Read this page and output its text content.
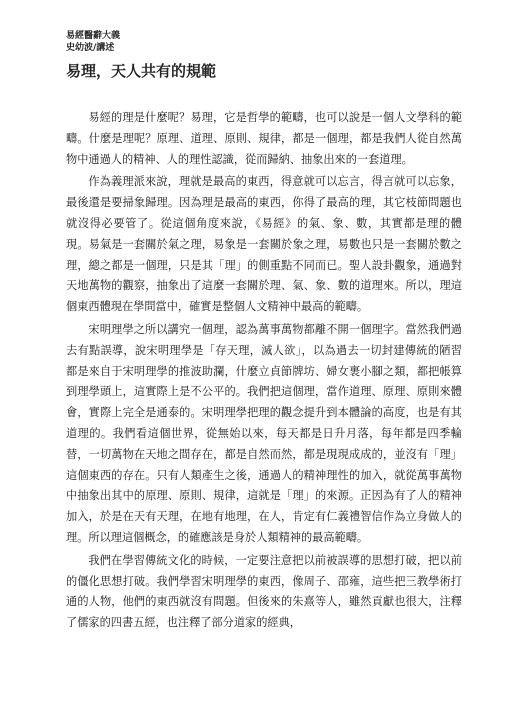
易經醫辭大義
史幼波/講述
易理，天人共有的規範

易經的理是什麼呢？易理，它是哲學的範疇，也可以說是一個人文學科的範疇。什麼是理呢？原理、道理、原則、規律，都是一個理，都是我們人從自然萬物中通過人的精神、人的理性認識，從而歸納、抽象出來的一套道理。

作為義理派來說，理就是最高的東西，得意就可以忘言，得言就可以忘象，最後還是要掃象歸理。因為理是最高的東西，你得了最高的理，其它枝節問題也就沒得必要管了。從這個角度來說，《易經》的氣、象、數，其實都是理的體現。易氣是一套關於氣之理，易象是一套關於象之理，易數也只是一套關於數之理，總之都是一個理，只是其「理」的側重點不同而已。聖人設卦觀象，通過對天地萬物的觀察，抽象出了這麼一套關於理、氣、象、數的道理來。所以，理這個東西體現在學問當中，確實是整個人文精神中最高的範疇。

宋明理學之所以講究一個理，認為萬事萬物都離不開一個理字。當然我們過去有點誤導，說宋明理學是「存天理，滅人欲」，以為過去一切封建傳統的陋習都是來自于宋明理學的推波助瀾，什麼立貞節牌坊、婦女裹小腳之類，都把帳算到理學頭上，這實際上是不公平的。我們把這個理，當作道理、原理、原則來體會，實際上完全是通泰的。宋明理學把理的觀念提升到本體論的高度，也是有其道理的。我們看這個世界，從無始以來，每天都是日升月落，每年都是四季輪替，一切萬物在天地之間存在，都是自然而然，都是現現成成的，並沒有「理」這個東西的存在。只有人類產生之後，通過人的精神理性的加入，就從萬事萬物中抽象出其中的原理、原則、規律，這就是「理」的來源。正因為有了人的精神加入，於是在天有天理，在地有地理，在人，肯定有仁義禮智信作為立身做人的理。所以理這個概念，的確應該是身於人類精神的最高範疇。

我們在學習傳統文化的時候，一定要注意把以前被誤導的思想打破，把以前的僵化思想打破。我們學習宋明理學的東西，像周子、邵雍，這些把三教學術打通的人物，他們的東西就沒有問題。但後來的朱熹等人，雖然貢獻也很大，注釋了儒家的四書五經，也注釋了部分道家的經典，
